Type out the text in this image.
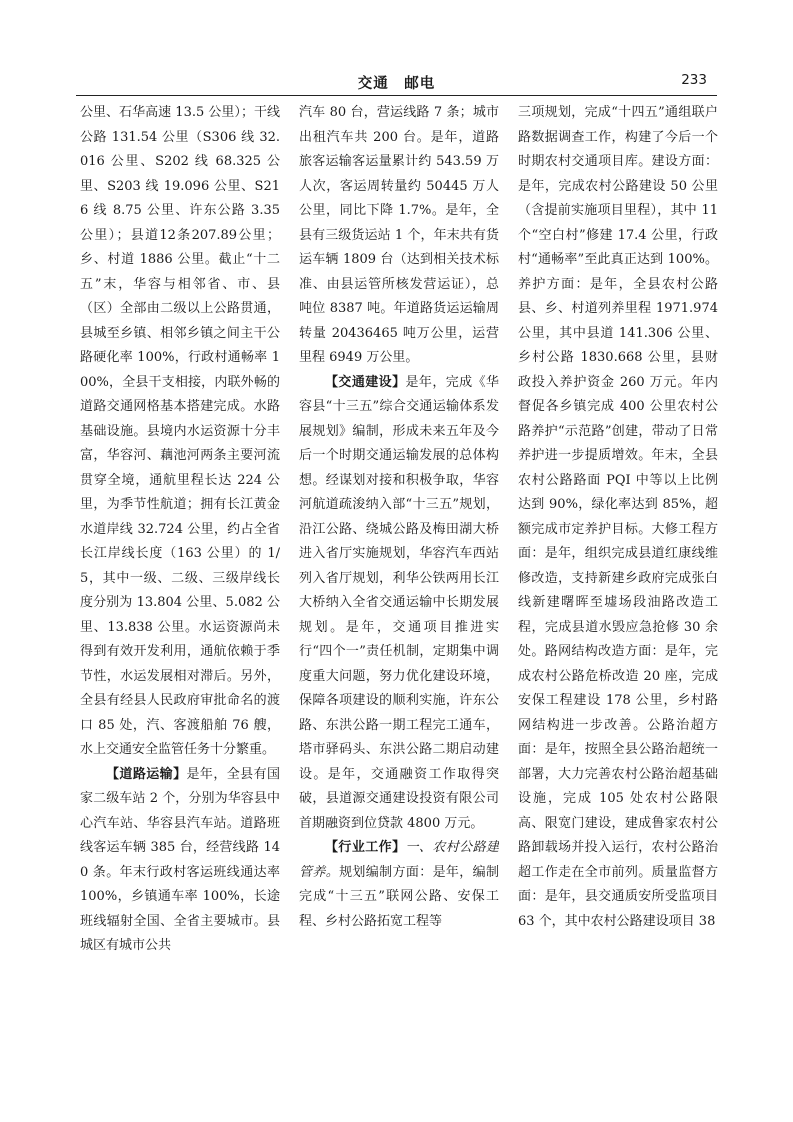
交通　邮电	233

公里、石华高速 13.5 公里）；干线公路 131.54 公里（S306 线 32.016 公里、S202 线 68.325 公里、S203 线 19.096 公里、S216 线 8.75 公里、许东公路 3.35 公里）；县道12条207.89公里；乡、村道 1886 公里。截止“十二五”末，华容与相邻省、市、县（区）全部由二级以上公路贯通，县城至乡镇、相邻乡镇之间主干公路硬化率 100%，行政村通畅率 100%，全县干支相接，内联外畅的道路交通网格基本搭建完成。水路基础设施。县境内水运资源十分丰富，华容河、藕池河两条主要河流贯穿全境，通航里程长达 224 公里，为季节性航道；拥有长江黄金水道岸线 32.724 公里，约占全省长江岸线长度（163 公里）的 1/5，其中一级、二级、三级岸线长度分别为 13.804 公里、5.082 公里、13.838 公里。水运资源尚未得到有效开发利用，通航依赖于季节性，水运发展相对滞后。另外，全县有经县人民政府审批命名的渡口 85 处，汽、客渡船舶 76 艘，水上交通安全监管任务十分繁重。

【道路运输】是年，全县有国家二级车站 2 个，分别为华容县中心汽车站、华容县汽车站。道路班线客运车辆 385 台，经营线路 140 条。年末行政村客运班线通达率 100%，乡镇通车率 100%，长途班线辐射全国、全省主要城市。县城区有城市公共

汽车 80 台，营运线路 7 条；城市出租汽车共 200 台。是年，道路旅客运输客运量累计约 543.59 万人次，客运周转量约 50445 万人公里，同比下降 1.7%。是年，全县有三级货运站 1 个，年末共有货运车辆 1809 台（达到相关技术标准、由县运管所核发营运证），总吨位 8387 吨。年道路货运运输周转量 20436465 吨万公里，运营里程 6949 万公里。

【交通建设】是年，完成《华容县“十三五”综合交通运输体系发展规划》编制，形成未来五年及今后一个时期交通运输发展的总体构想。经谋划对接和积极争取，华容河航道疏浚纳入部“十三五”规划，沿江公路、绕城公路及梅田湖大桥进入省厅实施规划，华容汽车西站列入省厅规划，利华公铁两用长江大桥纳入全省交通运输中长期发展规划。是年，交通项目推进实行“四个一”责任机制，定期集中调度重大问题，努力优化建设环境，保障各项建设的顺利实施，许东公路、东洪公路一期工程完工通车，塔市驿码头、东洪公路二期启动建设。是年，交通融资工作取得突破，县道源交通建设投资有限公司首期融资到位贷款 4800 万元。

【行业工作】一、农村公路建管养。规划编制方面：是年，编制完成“十三五”联网公路、安保工程、乡村公路拓宽工程等

三项规划，完成“十四五”通组联户路数据调查工作，构建了今后一个时期农村交通项目库。建设方面：是年，完成农村公路建设 50 公里（含提前实施项目里程），其中 11 个“空白村”修建 17.4 公里，行政村“通畅率”至此真正达到 100%。养护方面：是年，全县农村公路县、乡、村道列养里程 1971.974 公里，其中县道 141.306 公里、乡村公路 1830.668 公里，县财政投入养护资金 260 万元。年内督促各乡镇完成 400 公里农村公路养护“示范路”创建，带动了日常养护进一步提质增效。年末，全县农村公路路面 PQI 中等以上比例达到 90%，绿化率达到 85%，超额完成市定养护目标。大修工程方面：是年，组织完成县道红康线维修改造，支持新建乡政府完成张白线新建曙晖至墟场段油路改造工程，完成县道水毁应急抢修 30 余处。路网结构改造方面：是年，完成农村公路危桥改造 20 座，完成安保工程建设 178 公里，乡村路网结构进一步改善。公路治超方面：是年，按照全县公路治超统一部署，大力完善农村公路治超基础设施，完成 105 处农村公路限高、限宽门建设，建成鲁家农村公路卸载场并投入运行，农村公路治超工作走在全市前列。质量监督方面：是年，县交通质安所受监项目 63 个，其中农村公路建设项目 38
